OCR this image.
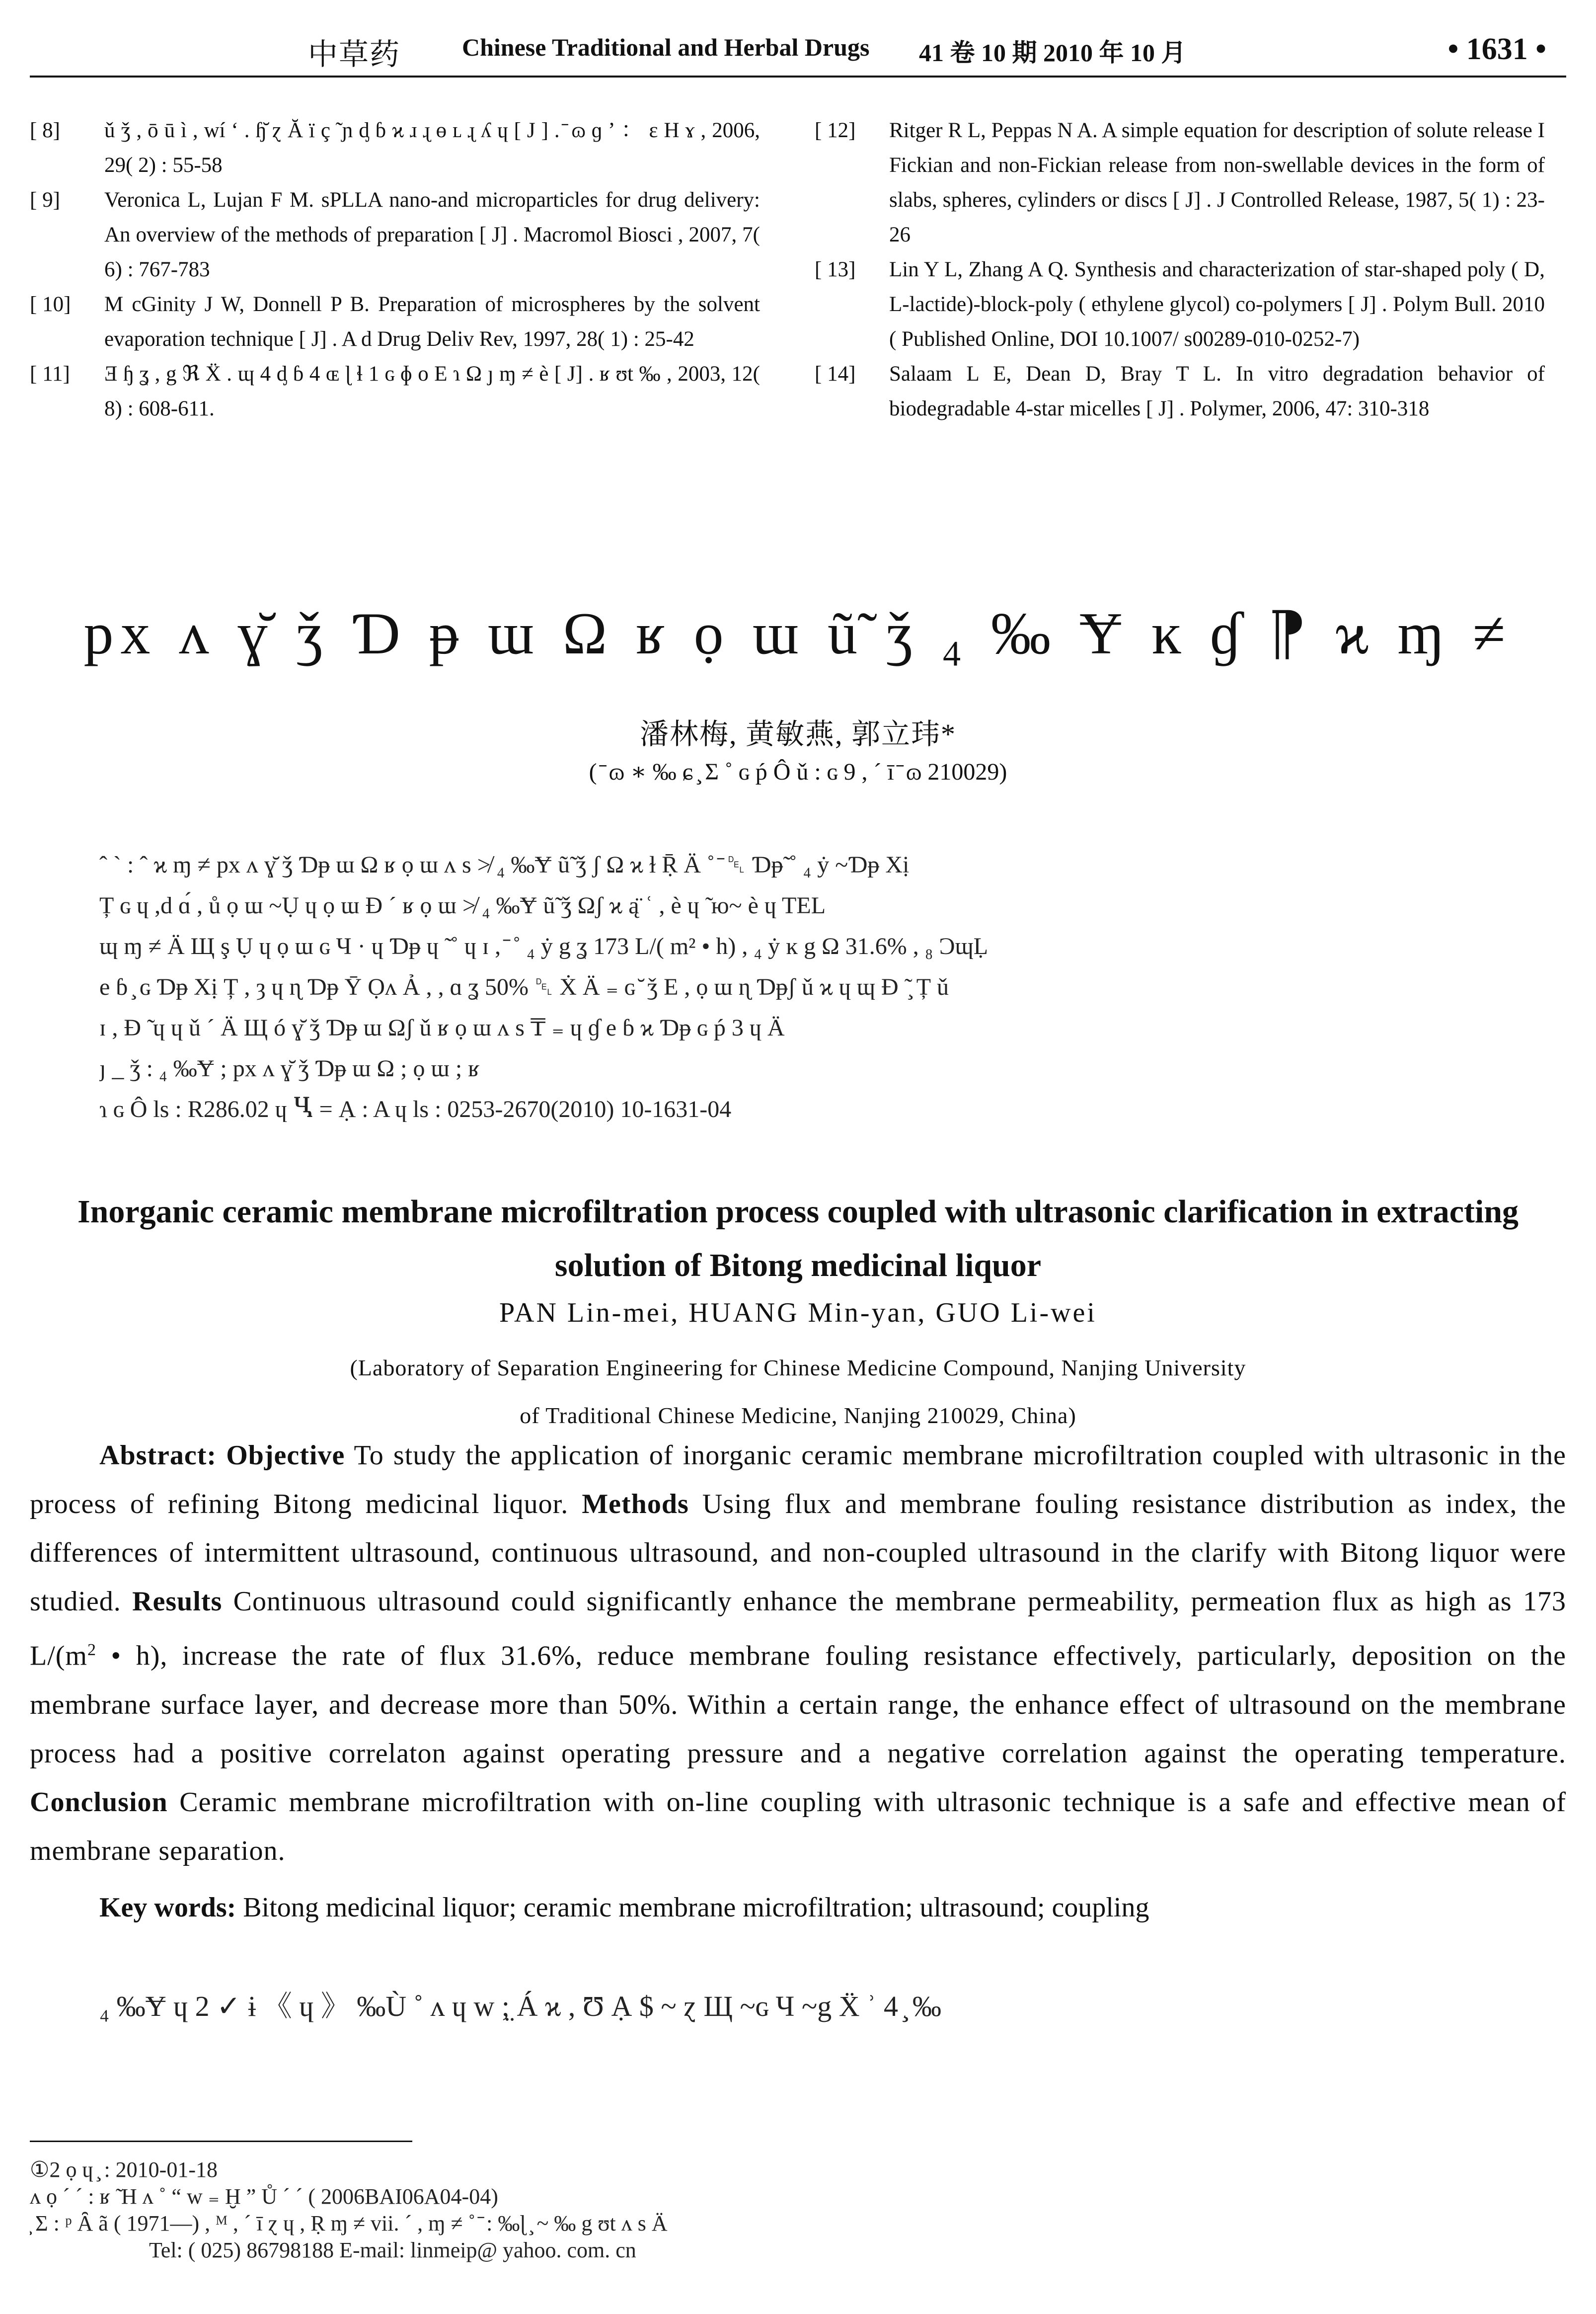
中草药 Chinese Traditional and Herbal Drugs 41 卷 10 期 2010 年 10 月	• 1631 •
[ 8]	ǔ ǯ , ō ū ì , wí ʻ . ɧ̆ ɀ Ă ï ç ̃ ɲ ᶁ ɓ ϰ ɹ ɻ ɵ ʟ ɻ ʎ ɥ [ J ] . ̄ ɷ ɡ ʼ ： ɛ H ɤ , 2006, 29( 2) : 55-58
[ 9]	Veronica L, Lujan F M. sPLLA nano-and microparticles for drug delivery: An overview of the methods of preparation [ J] . Macromol Biosci , 2007, 7( 6) : 767-783
[ 10]	M cGinity J W, Donnell P B. Preparation of microspheres by the solvent evaporation technique [ J] . A d Drug Deliv Rev, 1997, 28( 1) : 25-42
[ 11]	Ǝ ɧ ʓ , g ℜ Ẍ . ɰ 4 ᶁ ɓ 4 ɶ ɭ ɬ 1 ɢ ɸ o E ɿ Ω ȷ ɱ ≠ è [ J] . ʁ ʊt ‰ , 2003, 12( 8) : 608-611.
[ 12]	Ritger R L, Peppas N A. A simple equation for description of solute release I Fickian and non-Fickian release from non-swellable devices in the form of slabs, spheres, cylinders or discs [ J] . J Controlled Release, 1987, 5( 1) : 23-26
[ 13]	Lin Y L, Zhang A Q. Synthesis and characterization of star-shaped poly ( D, L-lactide)-block-poly ( ethylene glycol) co-polymers [ J] . Polym Bull. 2010 ( Published Online, DOI 10.1007/ s00289-010-0252-7)
[ 14]	Salaam L E, Dean D, Bray T L. In vitro degradation behavior of biodegradable 4-star micelles [ J] . Polymer, 2006, 47: 310-318
px ʌ ɣ̆ ǯ Ɗ ᵽ ɯ Ω ʁ ọ ɯ ũ̃ ǯ ₄ ‰ Ɏ ĸ ɠ ⁋ ϰ ɱ ≠
潘林梅, 黄敏燕, 郭立玮*
( ̄ ɷ ∗ ‰ ɕ ̧ Σ ˚ ɢ ṕ Ô ǔ : ɢ 9 , ´ ī ̄ ɷ 210029)
ˆ ˋ : ˆ ϰ ɱ ≠ px ʌ ɣ̆ ǯ Ɗᵽ ɯ Ω ʁ ọ ɯ ʌ s ≯ ₄ ‰Ɏ ũ̃ ǯ ʃ Ω ϰ ɫ Ṝ Ä ˚ ̄ ␡ Ɗᵽ̃ ˚ ₄ ẏ ~Ɗᵽ Xị
Ț ɢ ɥ ,d ɑ́ , ů ọ ɯ ~Ụ ɥ ọ ɯ Ɖ ´ ʁ ọ ɯ ≯ ₄ ‰Ɏ ũ̃ ǯ Ωʃ ϰ ą̈ ʿ , è ɥ ̃ ю~ è ɥ TEL
ɰ ɱ ≠ Ä Щ ş Ụ ɥ ọ ɯ ɢ Ч · ɥ Ɗᵽ ɥ ̃ ˚ ɥ ɪ , ̄ ˚ ₄ ẏ g ʓ 173 L/( m² • h) , ₄ ẏ ĸ g Ω 31.6% , ₈ ƆɰḶ
e ɓ ̧ ɢ Ɗᵽ Xị Ț , ȝ ɥ ɳ Ɗᵽ Ῡ Ọʌ Ả , , ɑ ʓ 50% ␡ Ẋ Ä ₌ ɢ ̆ ǯ E , ọ ɯ ɳ Ɗᵽʃ ǔ ϰ ɥ ɰ Ɖ ̃ ̧ Ț ǔ
ɪ , Ɖ ̃ ɥ ɥ ǔ ˊ Ä Щ ó ɣ̆ ǯ Ɗᵽ ɯ Ωʃ ǔ ʁ ọ ɯ ʌ s ₸ ₌ ɥ ɠ e ɓ ϰ Ɗᵽ ɢ ṕ 3 ɥ Ä
ȷ _ ǯ : ₄ ‰Ɏ ; px ʌ ɣ̆ ǯ Ɗᵽ ɯ Ω ; ọ ɯ ; ʁ
ɿ ɢ Ô ls : R286.02 ɥ Ⴁ = Ạ : A ɥ ls : 0253-2670(2010) 10-1631-04
Inorganic ceramic membrane microfiltration process coupled with ultrasonic clarification in extracting solution of Bitong medicinal liquor
PAN Lin-mei, HUANG Min-yan, GUO Li-wei
(Laboratory of Separation Engineering for Chinese Medicine Compound, Nanjing University
of Traditional Chinese Medicine, Nanjing 210029, China)
Abstract: Objective To study the application of inorganic ceramic membrane microfiltration coupled with ultrasonic in the process of refining Bitong medicinal liquor. Methods Using flux and membrane fouling resistance distribution as index, the differences of intermittent ultrasound, continuous ultrasound, and non-coupled ultrasound in the clarify with Bitong liquor were studied. Results Continuous ultrasound could significantly enhance the membrane permeability, permeation flux as high as 173 $L/(m^2$ • h), increase the rate of flux 31.6%, reduce membrane fouling resistance effectively, particularly, deposition on the membrane surface layer, and decrease more than 50%. Within a certain range, the enhance effect of ultrasound on the membrane process had a positive correlaton against operating pressure and a negative correlation against the operating temperature. Conclusion Ceramic membrane microfiltration with on-line coupling with ultrasonic technique is a safe and effective mean of membrane separation.
Key words: Bitong medicinal liquor; ceramic membrane microfiltration; ultrasound; coupling
₄ ‰Ɏ ɥ 2 ✓ ɨ 《 ɥ 》 ‰Ù ˚ ʌ ɥ w ;̤ Á ϰ , Ʊ Ạ $ ~ ɀ Щ ~ɢ Ч ~g Ẍ ʾ 4 ̧ ‰
①2 ọ ɥ ̧ : 2010-01-18
ʌ ọ ´ ˊ : ʁ ̃ H ʌ ˚ “ w ₌ Ḫ ” Ů ´ ˊ ( 2006BAI06A04-04)
̧ Σ : ᵖ Ȃ ã ( 1971—) , ᴹ , ´ ī ɀ ɥ , Ṛ ɱ ≠ vii. ˊ , ɱ ≠ ˚ ̄ : ‰ɭ ̧ ~ ‰ g ʊt ʌ s Ä
Tel: ( 025) 86798188 E-mail: linmeip@ yahoo. com. cn
